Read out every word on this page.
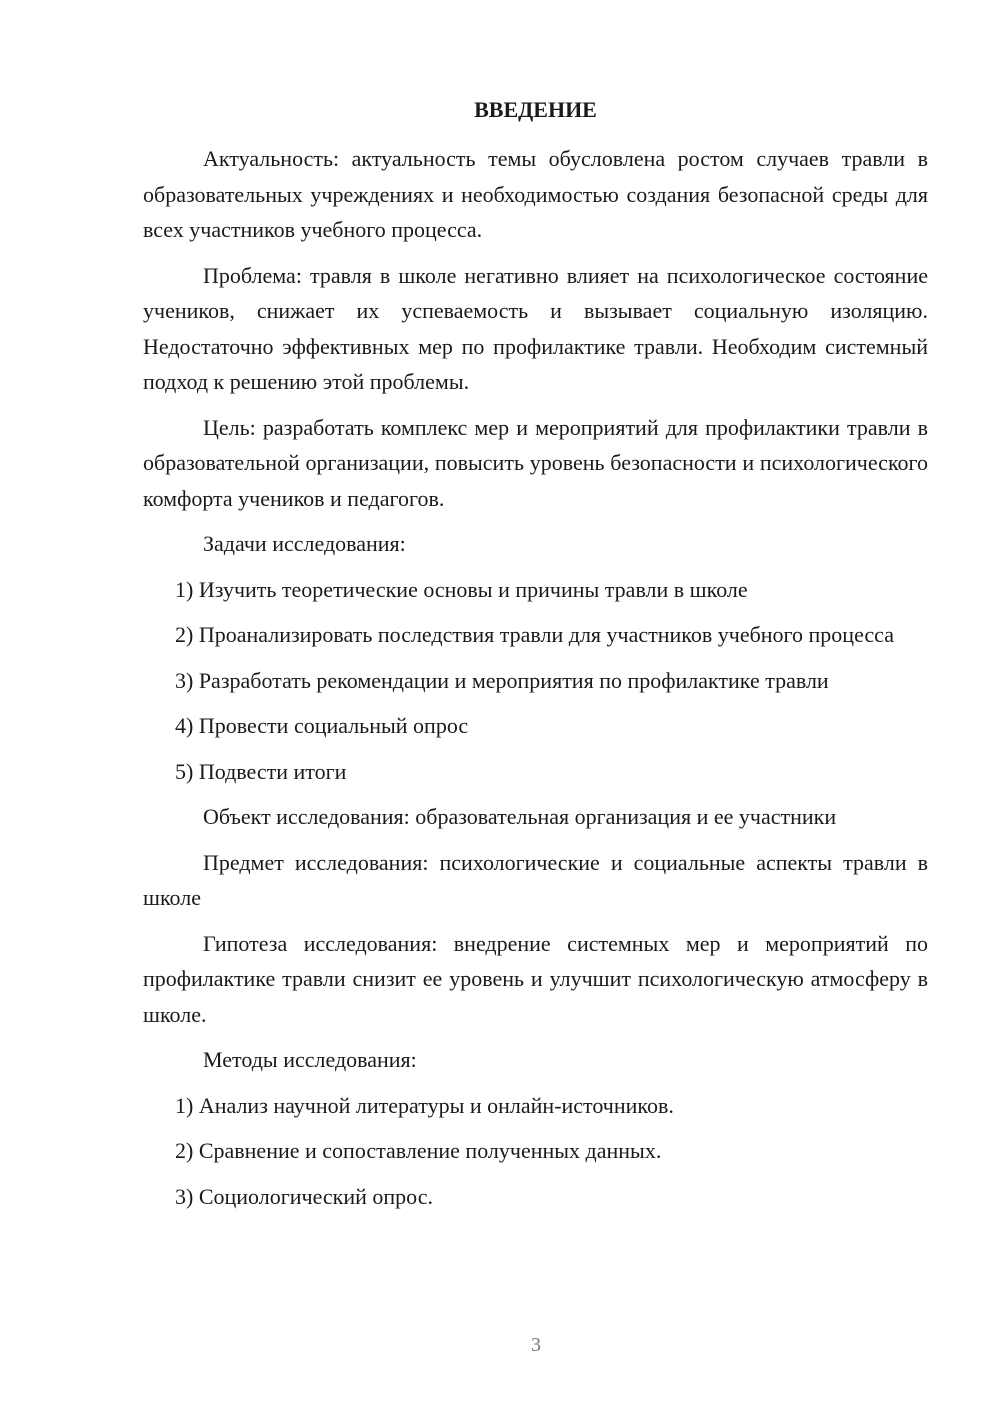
ВВЕДЕНИЕ

Актуальность: актуальность темы обусловлена ростом случаев травли в образовательных учреждениях и необходимостью создания безопасной среды для всех участников учебного процесса.

Проблема: травля в школе негативно влияет на психологическое состояние учеников, снижает их успеваемость и вызывает социальную изоляцию. Недостаточно эффективных мер по профилактике травли. Необходим системный подход к решению этой проблемы.

Цель: разработать комплекс мер и мероприятий для профилактики травли в образовательной организации, повысить уровень безопасности и психологического комфорта учеников и педагогов.

Задачи исследования:

1) Изучить теоретические основы и причины травли в школе

2) Проанализировать последствия травли для участников учебного процесса

3) Разработать рекомендации и мероприятия по профилактике травли

4) Провести социальный опрос

5) Подвести итоги

Объект исследования: образовательная организация и ее участники

Предмет исследования: психологические и социальные аспекты травли в школе

Гипотеза исследования: внедрение системных мер и мероприятий по профилактике травли снизит ее уровень и улучшит психологическую атмосферу в школе.

Методы исследования:

1) Анализ научной литературы и онлайн-источников.

2) Сравнение и сопоставление полученных данных.

3) Социологический опрос.

3
